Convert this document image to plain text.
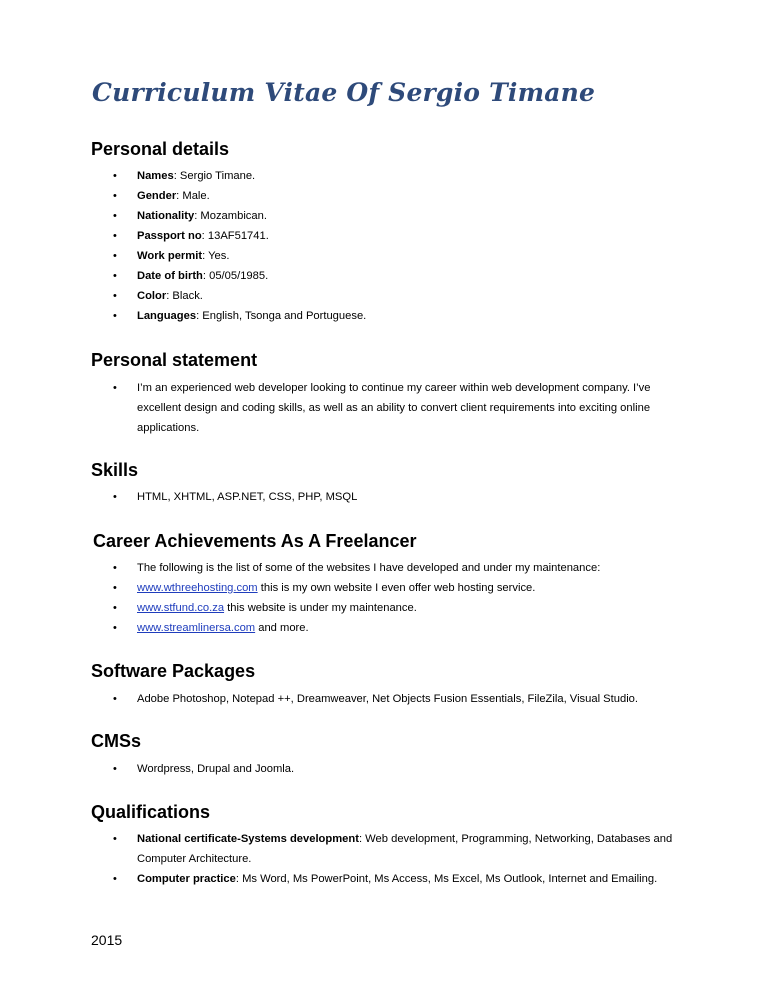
Curriculum Vitae Of Sergio Timane
Personal details
• Names: Sergio Timane.
• Gender: Male.
• Nationality: Mozambican.
• Passport no: 13AF51741.
• Work permit: Yes.
• Date of birth: 05/05/1985.
• Color: Black.
• Languages: English, Tsonga and Portuguese.
Personal statement
• I’m an experienced web developer looking to continue my career within web development company. I’ve excellent design and coding skills, as well as an ability to convert client requirements into exciting online applications.
Skills
• HTML, XHTML, ASP.NET, CSS, PHP, MSQL
Career Achievements As A Freelancer
• The following is the list of some of the websites I have developed and under my maintenance:
• www.wthreehosting.com this is my own website I even offer web hosting service.
• www.stfund.co.za this website is under my maintenance.
• www.streamlinersa.com and more.
Software Packages
• Adobe Photoshop, Notepad ++, Dreamweaver, Net Objects Fusion Essentials, FileZila, Visual Studio.
CMSs
• Wordpress, Drupal and Joomla.
Qualifications
• National certificate-Systems development: Web development, Programming, Networking, Databases and Computer Architecture.
• Computer practice: Ms Word, Ms PowerPoint, Ms Access, Ms Excel, Ms Outlook, Internet and Emailing.
2015
